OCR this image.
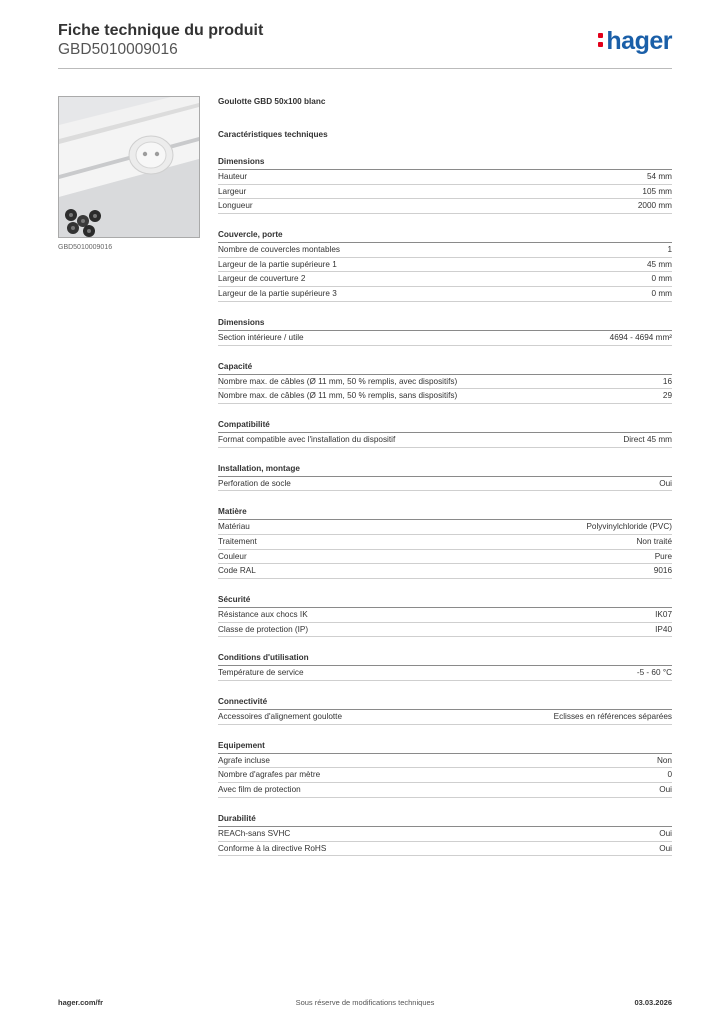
Fiche technique du produit
GBD5010009016	hager
GBD5010009016
Goulotte GBD 50x100 blanc
Caractéristiques techniques
Dimensions
Hauteur	54 mm
Largeur	105 mm
Longueur	2000 mm
Couvercle, porte
Nombre de couvercles montables	1
Largeur de la partie supérieure 1	45 mm
Largeur de couverture 2	0 mm
Largeur de la partie supérieure 3	0 mm
Dimensions
Section intérieure / utile	4694 - 4694 mm²
Capacité
Nombre max. de câbles (Ø 11 mm, 50 % remplis, avec dispositifs)	16
Nombre max. de câbles (Ø 11 mm, 50 % remplis, sans dispositifs)	29
Compatibilité
Format compatible avec l'installation du dispositif	Direct 45 mm
Installation, montage
Perforation de socle	Oui
Matière
Matériau	Polyvinylchloride (PVC)
Traitement	Non traité
Couleur	Pure
Code RAL	9016
Sécurité
Résistance aux chocs IK	IK07
Classe de protection (IP)	IP40
Conditions d'utilisation
Température de service	-5 - 60 °C
Connectivité
Accessoires d'alignement goulotte	Eclisses en références séparées
Equipement
Agrafe incluse	Non
Nombre d'agrafes par mètre	0
Avec film de protection	Oui
Durabilité
REACh-sans SVHC	Oui
Conforme à la directive RoHS	Oui
hager.com/fr	Sous réserve de modifications techniques	03.03.2026
